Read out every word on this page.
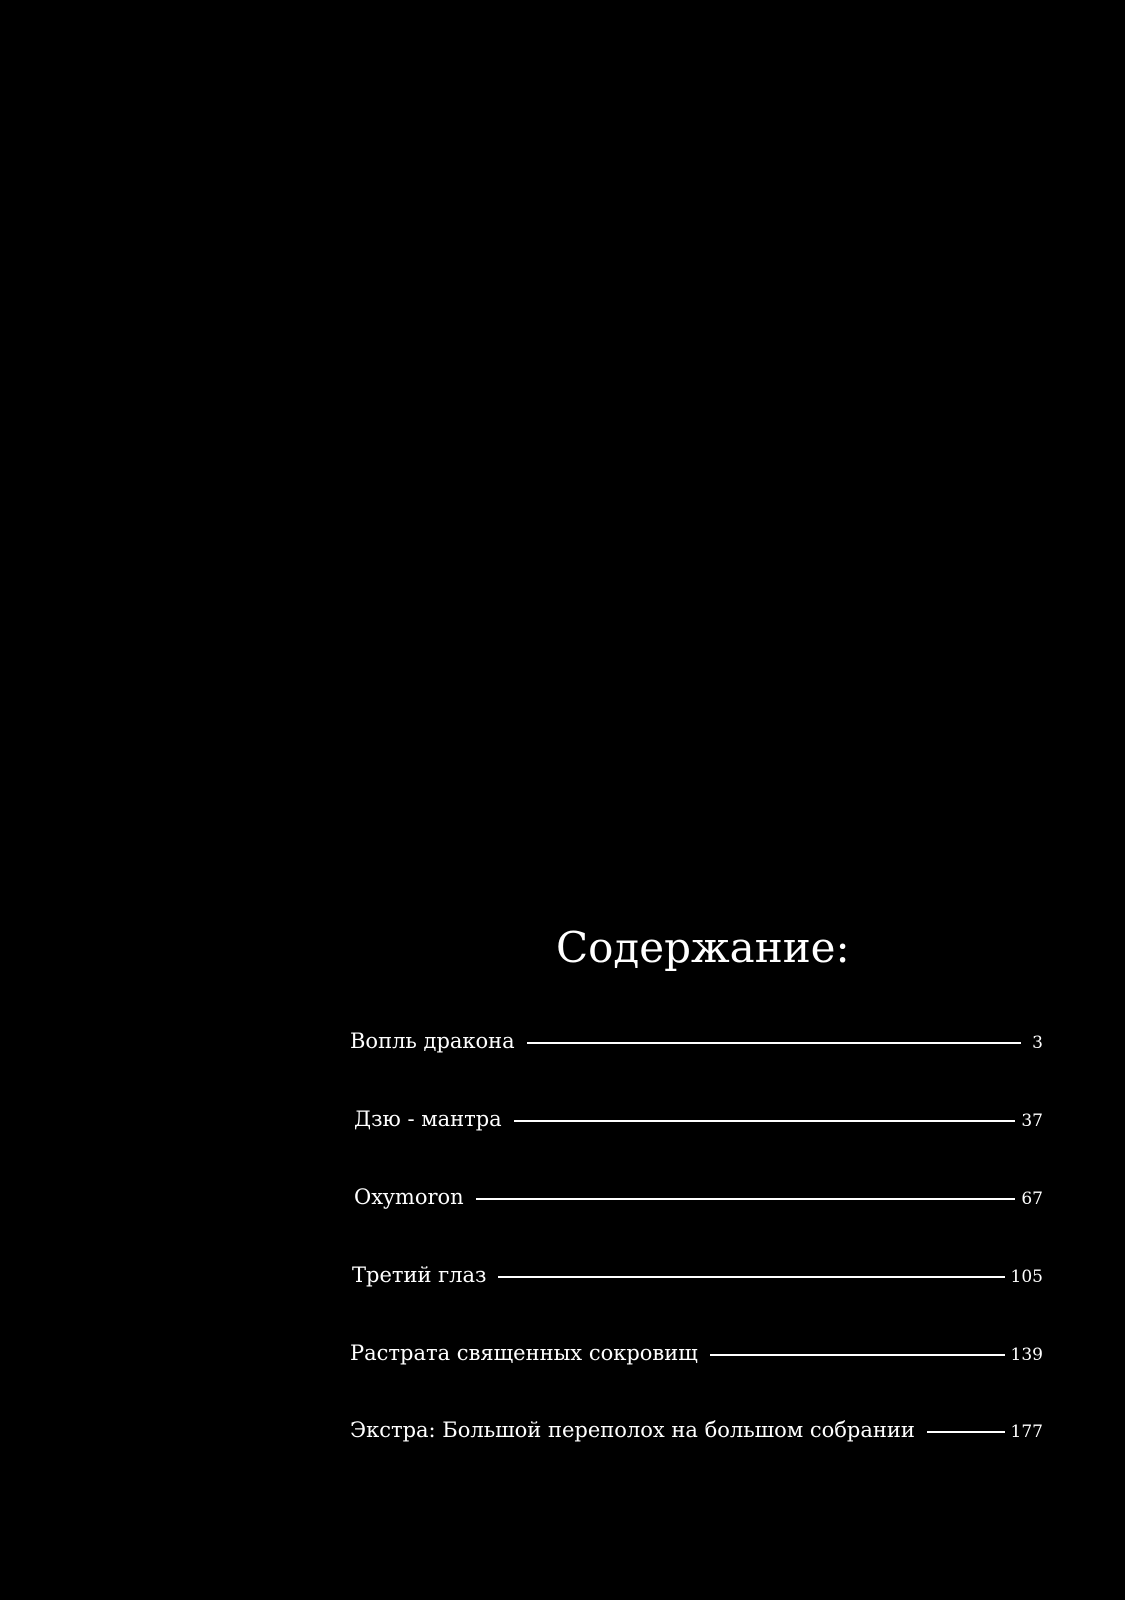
Содержание:
Вопль дракона	3
Дзю - мантра	37
Oxymoron	67
Третий глаз	105
Растрата священных сокровищ	139
Экстра: Большой переполох на большом собрании	177
